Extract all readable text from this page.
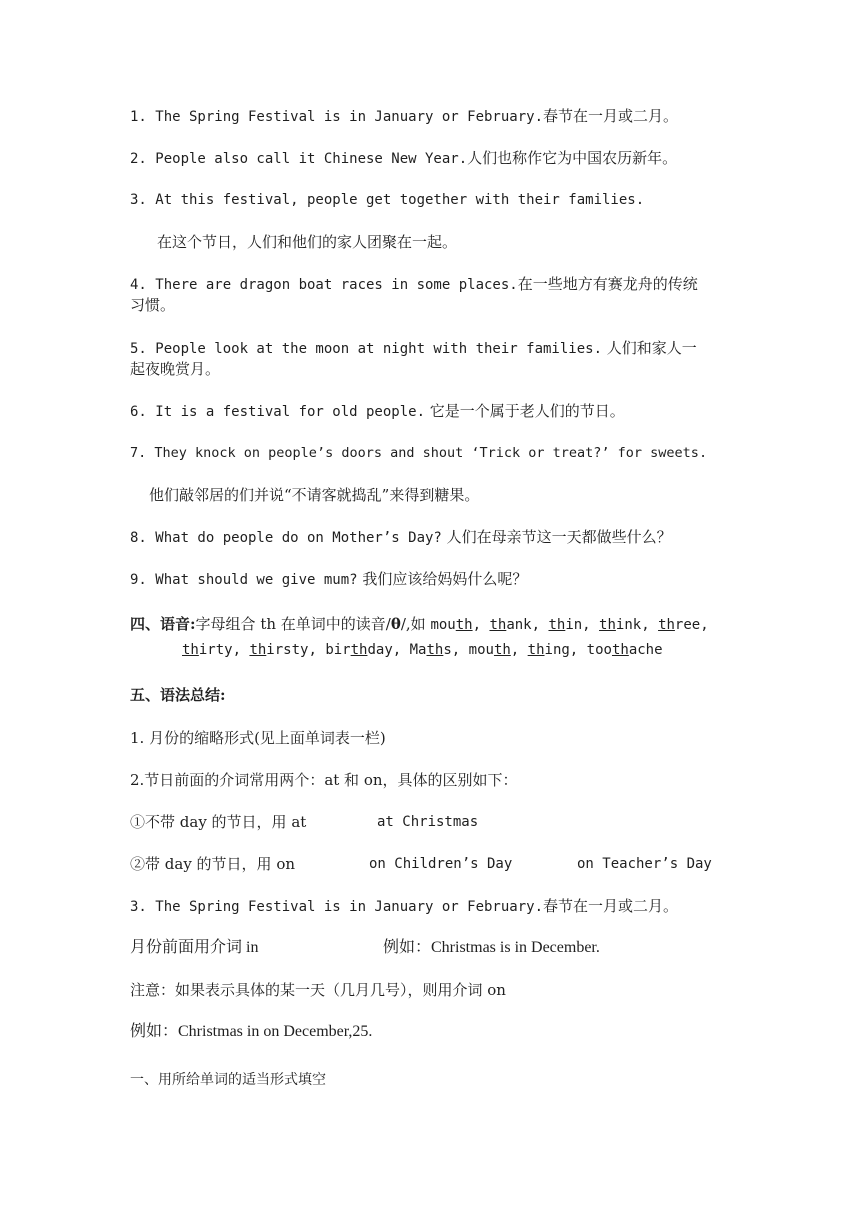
1. The Spring Festival is in January or February.春节在一月或二月。
2. People also call it Chinese New Year.人们也称作它为中国农历新年。
3. At this festival, people get together with their families.
在这个节日，人们和他们的家人团聚在一起。
4. There are dragon boat races in some places.在一些地方有赛龙舟的传统
习惯。
5. People look at the moon at night with their families. 人们和家人一
起夜晚赏月。
6. It is a festival for old people. 它是一个属于老人们的节日。
7. They knock on people’s doors and shout ‘Trick or treat?’ for sweets.
他们敲邻居的们并说“不请客就捣乱”来得到糖果。
8. What do people do on Mother’s Day? 人们在母亲节这一天都做些什么？
9. What should we give mum? 我们应该给妈妈什么呢？
四、语音:字母组合 th 在单词中的读音/θ/,如 mouth, thank, thin, think, three,
thirty, thirsty, birthday, Maths, mouth, thing, toothache
五、语法总结:
1. 月份的缩略形式(见上面单词表一栏)
2.节日前面的介词常用两个：at 和 on，具体的区别如下：
①不带 day 的节日，用 at	at Christmas
②带 day 的节日，用 on	on Children’s Day	on Teacher’s Day
3. The Spring Festival is in January or February.春节在一月或二月。
月份前面用介词 in	例如：Christmas is in December.
注意：如果表示具体的某一天（几月几号），则用介词 on
例如：Christmas in on December,25.
一、用所给单词的适当形式填空
